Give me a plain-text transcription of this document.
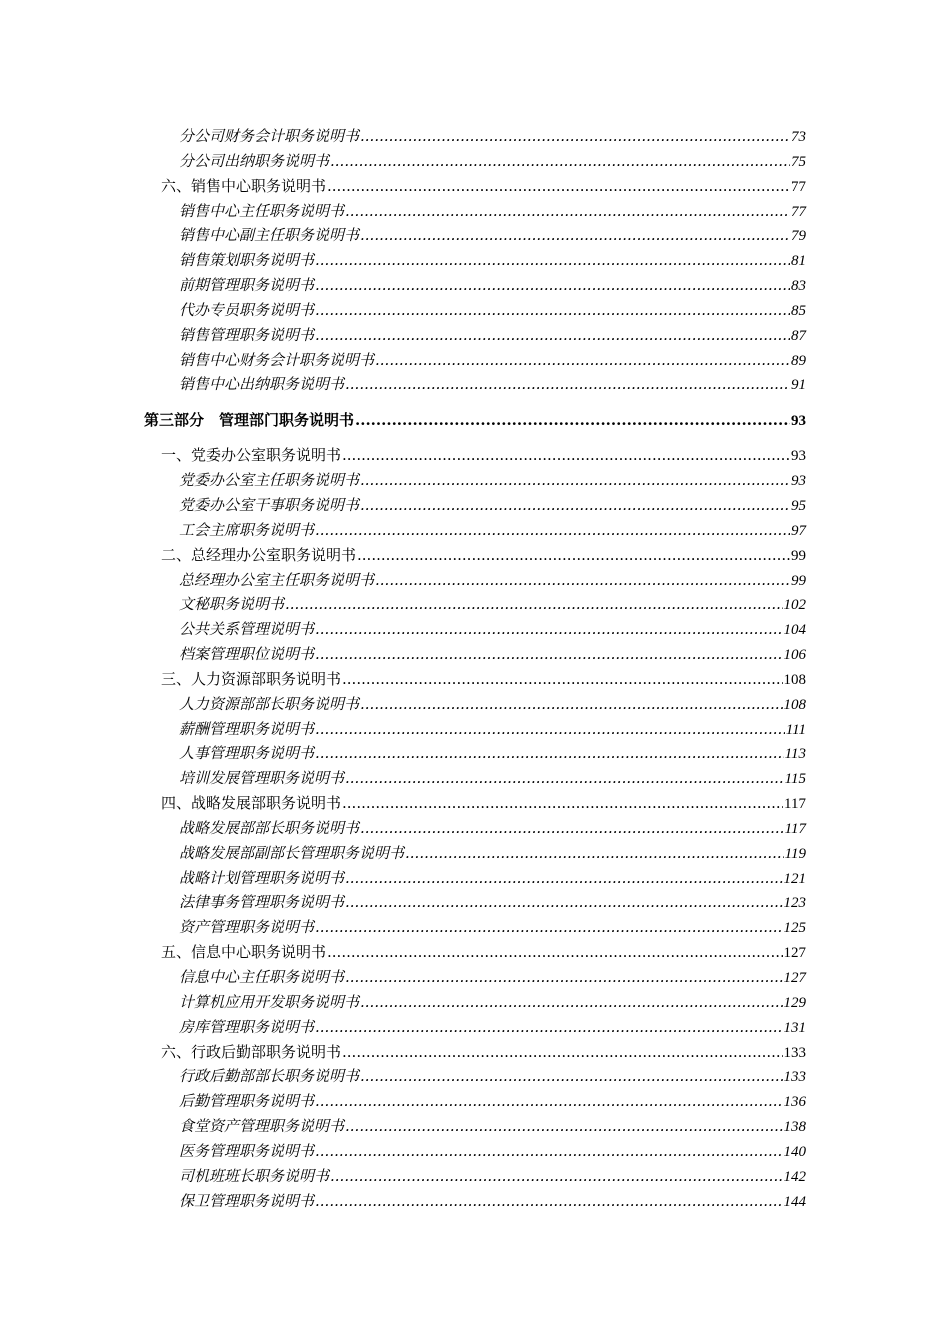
分公司财务会计职务说明书 .....	73
分公司出纳职务说明书 .....	75
六、销售中心职务说明书 .....	77
销售中心主任职务说明书 .....	77
销售中心副主任职务说明书 .....	79
销售策划职务说明书 .....	81
前期管理职务说明书 .....	83
代办专员职务说明书 .....	85
销售管理职务说明书 .....	87
销售中心财务会计职务说明书 .....	89
销售中心出纳职务说明书 .....	91
第三部分　管理部门职务说明书 .....	93
一、党委办公室职务说明书 .....	93
党委办公室主任职务说明书 .....	93
党委办公室干事职务说明书 .....	95
工会主席职务说明书 .....	97
二、总经理办公室职务说明书 .....	99
总经理办公室主任职务说明书 .....	99
文秘职务说明书 .....	102
公共关系管理说明书 .....	104
档案管理职位说明书 .....	106
三、人力资源部职务说明书 .....	108
人力资源部部长职务说明书 .....	108
薪酬管理职务说明书 .....	111
人事管理职务说明书 .....	113
培训发展管理职务说明书 .....	115
四、战略发展部职务说明书 .....	117
战略发展部部长职务说明书 .....	117
战略发展部副部长管理职务说明书 .....	119
战略计划管理职务说明书 .....	121
法律事务管理职务说明书 .....	123
资产管理职务说明书 .....	125
五、信息中心职务说明书 .....	127
信息中心主任职务说明书 .....	127
计算机应用开发职务说明书 .....	129
房库管理职务说明书 .....	131
六、行政后勤部职务说明书 .....	133
行政后勤部部长职务说明书 .....	133
后勤管理职务说明书 .....	136
食堂资产管理职务说明书 .....	138
医务管理职务说明书 .....	140
司机班班长职务说明书 .....	142
保卫管理职务说明书 .....	144
